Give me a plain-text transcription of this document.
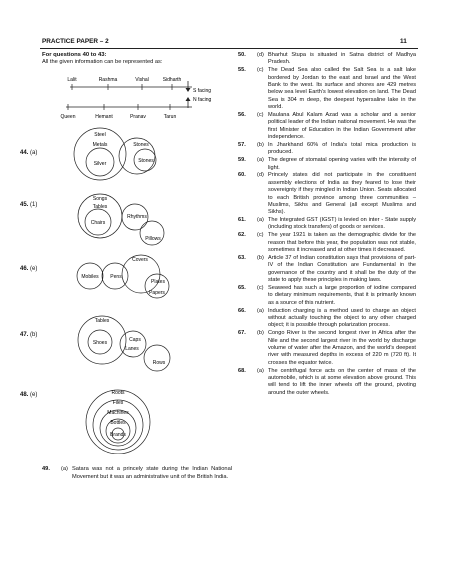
PRACTICE PAPER – 2	11
For questions 40 to 43:
All the given information can be represented as:
Lalit	Rashma	Vishal	Sidharth
S facing
Queen	Hemant	Pranav	Tarun
N facing
44. (a)
Steel
Metals
Silver
Stones
Stones
45. (1)
Songs
Tables
Chairs
Rhythms
Pillows
46. (e)
Mobiles Pens
Covers
Plates
Papers
47. (b)
Tables
Shoes	Caps
Lanes
Rows
48. (e)	Roots
Files
Machines
Bottles
Brands
49.	(a) Satara was not a princely state during the Indian National Movement but it was an administrative unit of the British India.
50.	(d) Bharhut Stupa is situated in Satna district of Madhya Pradesh.
55.	(c) The Dead Sea also called the Salt Sea is a salt lake bordered by Jordan to the east and Israel and the West Bank to the west. Its surface and shores are 429 metres below sea level Earth's lowest elevation on land. The Dead Sea is 304 m deep, the deepest hypersaline lake in the world.
56.	(c) Maulana Abul Kalam Azad was a scholar and a senior political leader of the Indian national movement. He was the first Minister of Education in the Indian Government after independence.
57.	(b) In Jharkhand 60% of India's total mica production is produced.
59.	(a) The degree of stomatal opening varies with the intensity of light.
60.	(d) Princely states did not participate in the constituent assembly elections of India as they feared to lose their sovereignty if they mingled in Indian Union. Seats allocated to each British province among three communities – Muslims, Sikhs and General (all except Muslims and Sikhs).
61.	(a) The Integrated GST (IGST) is levied on inter - State supply (including stock transfers) of goods or services.
62.	(c) The year 1921 is taken as the demographic divide for the reason that before this year, the population was not stable, sometimes it increased and at other times it decreased.
63.	(b) Article 37 of Indian constitution says that provisions of part-IV of the Indian Constitution are Fundamental in the governance of the country and it shall be the duty of the state to apply these principles in making laws.
65.	(c) Seaweed has such a large proportion of iodine compared to dietary minimum requirements, that it is primarily known as a source of this nutrient.
66.	(a) Induction charging is a method used to charge an object without actually touching the object to any other charged object; it is possible through polarization process.
67.	(b) Congo River is the second longest river in Africa after the Nile and the second largest river in the world by discharge volume of water after the Amazon, and the world's deepest river with measured depths in excess of 220 m (720 ft). It crosses the equator twice.
68.	(a) The centrifugal force acts on the center of mass of the automobile, which is at some elevation above ground. This will tend to lift the inner wheels off the ground, pivoting around the outer wheels.
